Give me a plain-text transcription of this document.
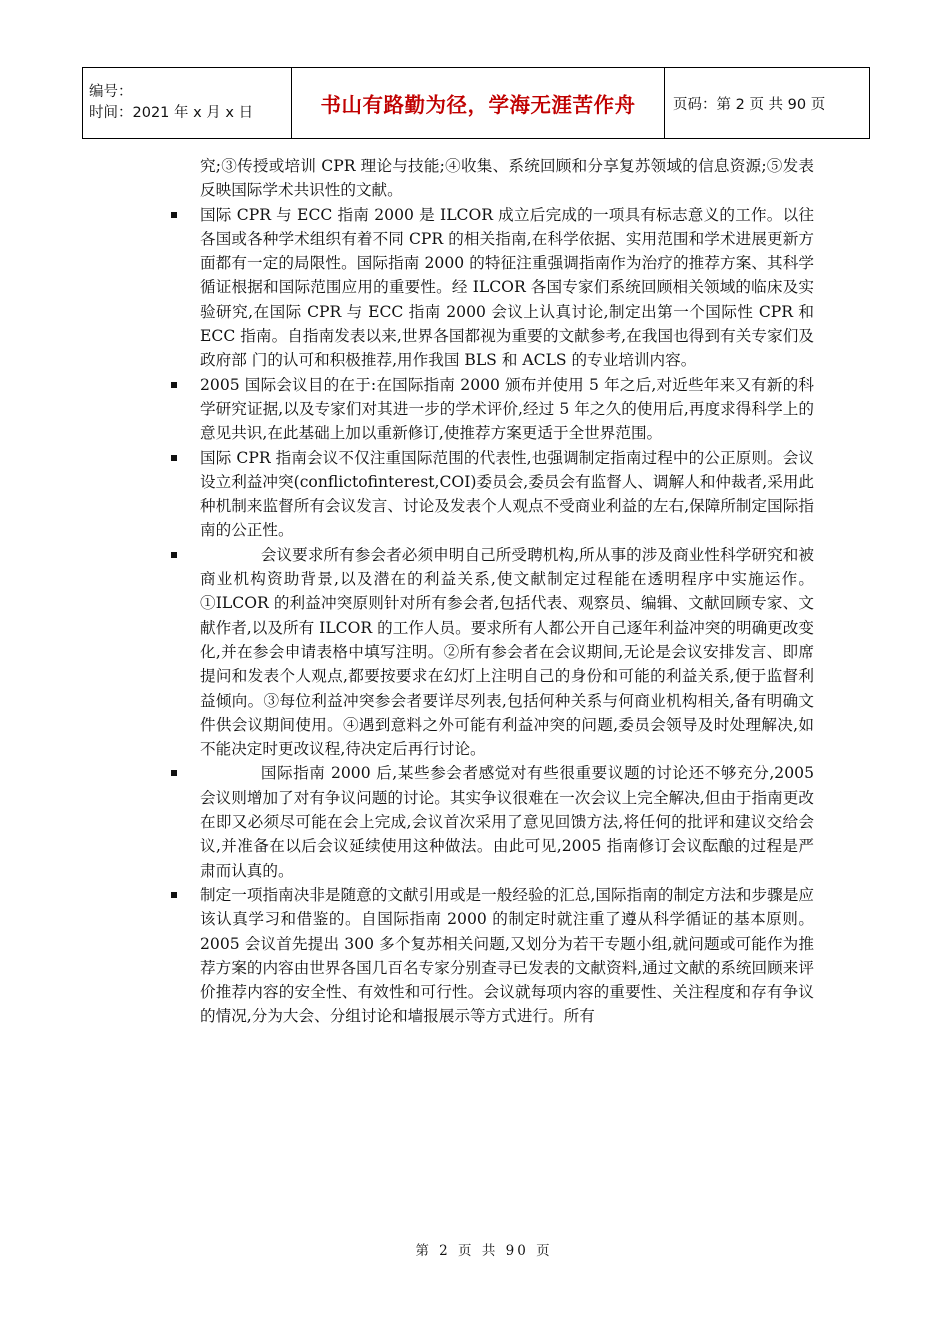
编号：
时间：2021 年 x 月 x 日	书山有路勤为径，学海无涯苦作舟	页码：第 2 页 共 90 页

究;③传授或培训 CPR 理论与技能;④收集、系统回顾和分享复苏领域的信息资源;⑤发表反映国际学术共识性的文献。

国际 CPR 与 ECC 指南 2000 是 ILCOR 成立后完成的一项具有标志意义的工作。以往各国或各种学术组织有着不同 CPR 的相关指南,在科学依据、实用范围和学术进展更新方面都有一定的局限性。国际指南 2000 的特征注重强调指南作为治疗的推荐方案、其科学循证根据和国际范围应用的重要性。经 ILCOR 各国专家们系统回顾相关领域的临床及实验研究,在国际 CPR 与 ECC 指南 2000 会议上认真讨论,制定出第一个国际性 CPR 和 ECC 指南。自指南发表以来,世界各国都视为重要的文献参考,在我国也得到有关专家们及政府部 门的认可和积极推荐,用作我国 BLS 和 ACLS 的专业培训内容。

2005 国际会议目的在于:在国际指南 2000 颁布并使用 5 年之后,对近些年来又有新的科学研究证据,以及专家们对其进一步的学术评价,经过 5 年之久的使用后,再度求得科学上的意见共识,在此基础上加以重新修订,使推荐方案更适于全世界范围。

国际 CPR 指南会议不仅注重国际范围的代表性,也强调制定指南过程中的公正原则。会议设立利益冲突(conflictofinterest,COI)委员会,委员会有监督人、调解人和仲裁者,采用此种机制来监督所有会议发言、讨论及发表个人观点不受商业利益的左右,保障所制定国际指南的公正性。

会议要求所有参会者必须申明自己所受聘机构,所从事的涉及商业性科学研究和被商业机构资助背景,以及潜在的利益关系,使文献制定过程能在透明程序中实施运作。①ILCOR 的利益冲突原则针对所有参会者,包括代表、观察员、编辑、文献回顾专家、文献作者,以及所有 ILCOR 的工作人员。要求所有人都公开自己逐年利益冲突的明确更改变化,并在参会申请表格中填写注明。②所有参会者在会议期间,无论是会议安排发言、即席提问和发表个人观点,都要按要求在幻灯上注明自己的身份和可能的利益关系,便于监督利益倾向。③每位利益冲突参会者要详尽列表,包括何种关系与何商业机构相关,备有明确文件供会议期间使用。④遇到意料之外可能有利益冲突的问题,委员会领导及时处理解决,如不能决定时更改议程,待决定后再行讨论。

国际指南 2000 后,某些参会者感觉对有些很重要议题的讨论还不够充分,2005 会议则增加了对有争议问题的讨论。其实争议很难在一次会议上完全解决,但由于指南更改在即又必须尽可能在会上完成,会议首次采用了意见回馈方法,将任何的批评和建议交给会议,并准备在以后会议延续使用这种做法。由此可见,2005 指南修订会议酝酿的过程是严肃而认真的。

制定一项指南决非是随意的文献引用或是一般经验的汇总,国际指南的制定方法和步骤是应该认真学习和借鉴的。自国际指南 2000 的制定时就注重了遵从科学循证的基本原则。2005 会议首先提出 300 多个复苏相关问题,又划分为若干专题小组,就问题或可能作为推荐方案的内容由世界各国几百名专家分别查寻已发表的文献资料,通过文献的系统回顾来评价推荐内容的安全性、有效性和可行性。会议就每项内容的重要性、关注程度和存有争议的情况,分为大会、分组讨论和墙报展示等方式进行。所有

第 2 页 共 90 页
